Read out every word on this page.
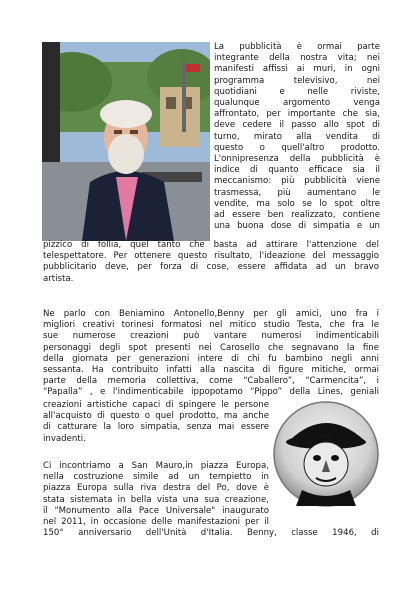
La pubblicità è ormai parte
integrante della nostra vita; nei
manifesti affissi ai muri, in ogni
programma televisivo, nei
quotidiani e nelle riviste,
qualunque argomento venga
affrontato, per importante che sia,
deve cedere il passo allo spot di
turno, mirato alla vendita di
questo o quell'altro prodotto.
L'onnipresenza della pubblicità è
indice di quanto efficace sia il
meccanismo: più pubblicità viene
trasmessa, più aumentano le
vendite, ma solo se lo spot oltre
ad essere ben realizzato, contiene
una buona dose di simpatia e un

pizzico di follia, quel tanto che basta ad attirare l'attenzione del
telespettatore. Per ottenere questo risultato, l'ideazione del messaggio
pubblicitario deve, per forza di cose, essere affidata ad un bravo
artista.

Ne parlo con Beniamino Antonello,Benny per gli amici, uno fra i
migliori creativi torinesi formatosi nel mitico studio Testa, che fra le
sue numerose creazioni può vantare numerosi indimenticabili
personaggi degli spot presenti nei Carosello che segnavano la fine
della giornata per generazioni intere di chi fu bambino negli anni
sessanta. Ha contribuito infatti alla nascita di figure mitiche, ormai
parte della memoria collettiva, come “Caballero”, “Carmencita”, i
“Papalla” , e l'indimenticabile ippopotamo “Pippo” della Lines, geniali

creazioni artistiche capaci di spingere le persone
all'acquisto di questo o quel prodotto, ma anche
di catturare la loro simpatia, senza mai essere
invadenti.

Ci incontriamo a San Mauro,in piazza Europa,
nella costruzione simile ad un tempietto in
piazza Europa sulla riva destra del Po, dove è
stata sistemata in bella vista una sua creazione,
il "Monumento alla Pace Universale" inaugurato
nel 2011, in occasione delle manifestazioni per il

150° anniversario dell'Unità d'Italia. Benny, classe 1946, di
